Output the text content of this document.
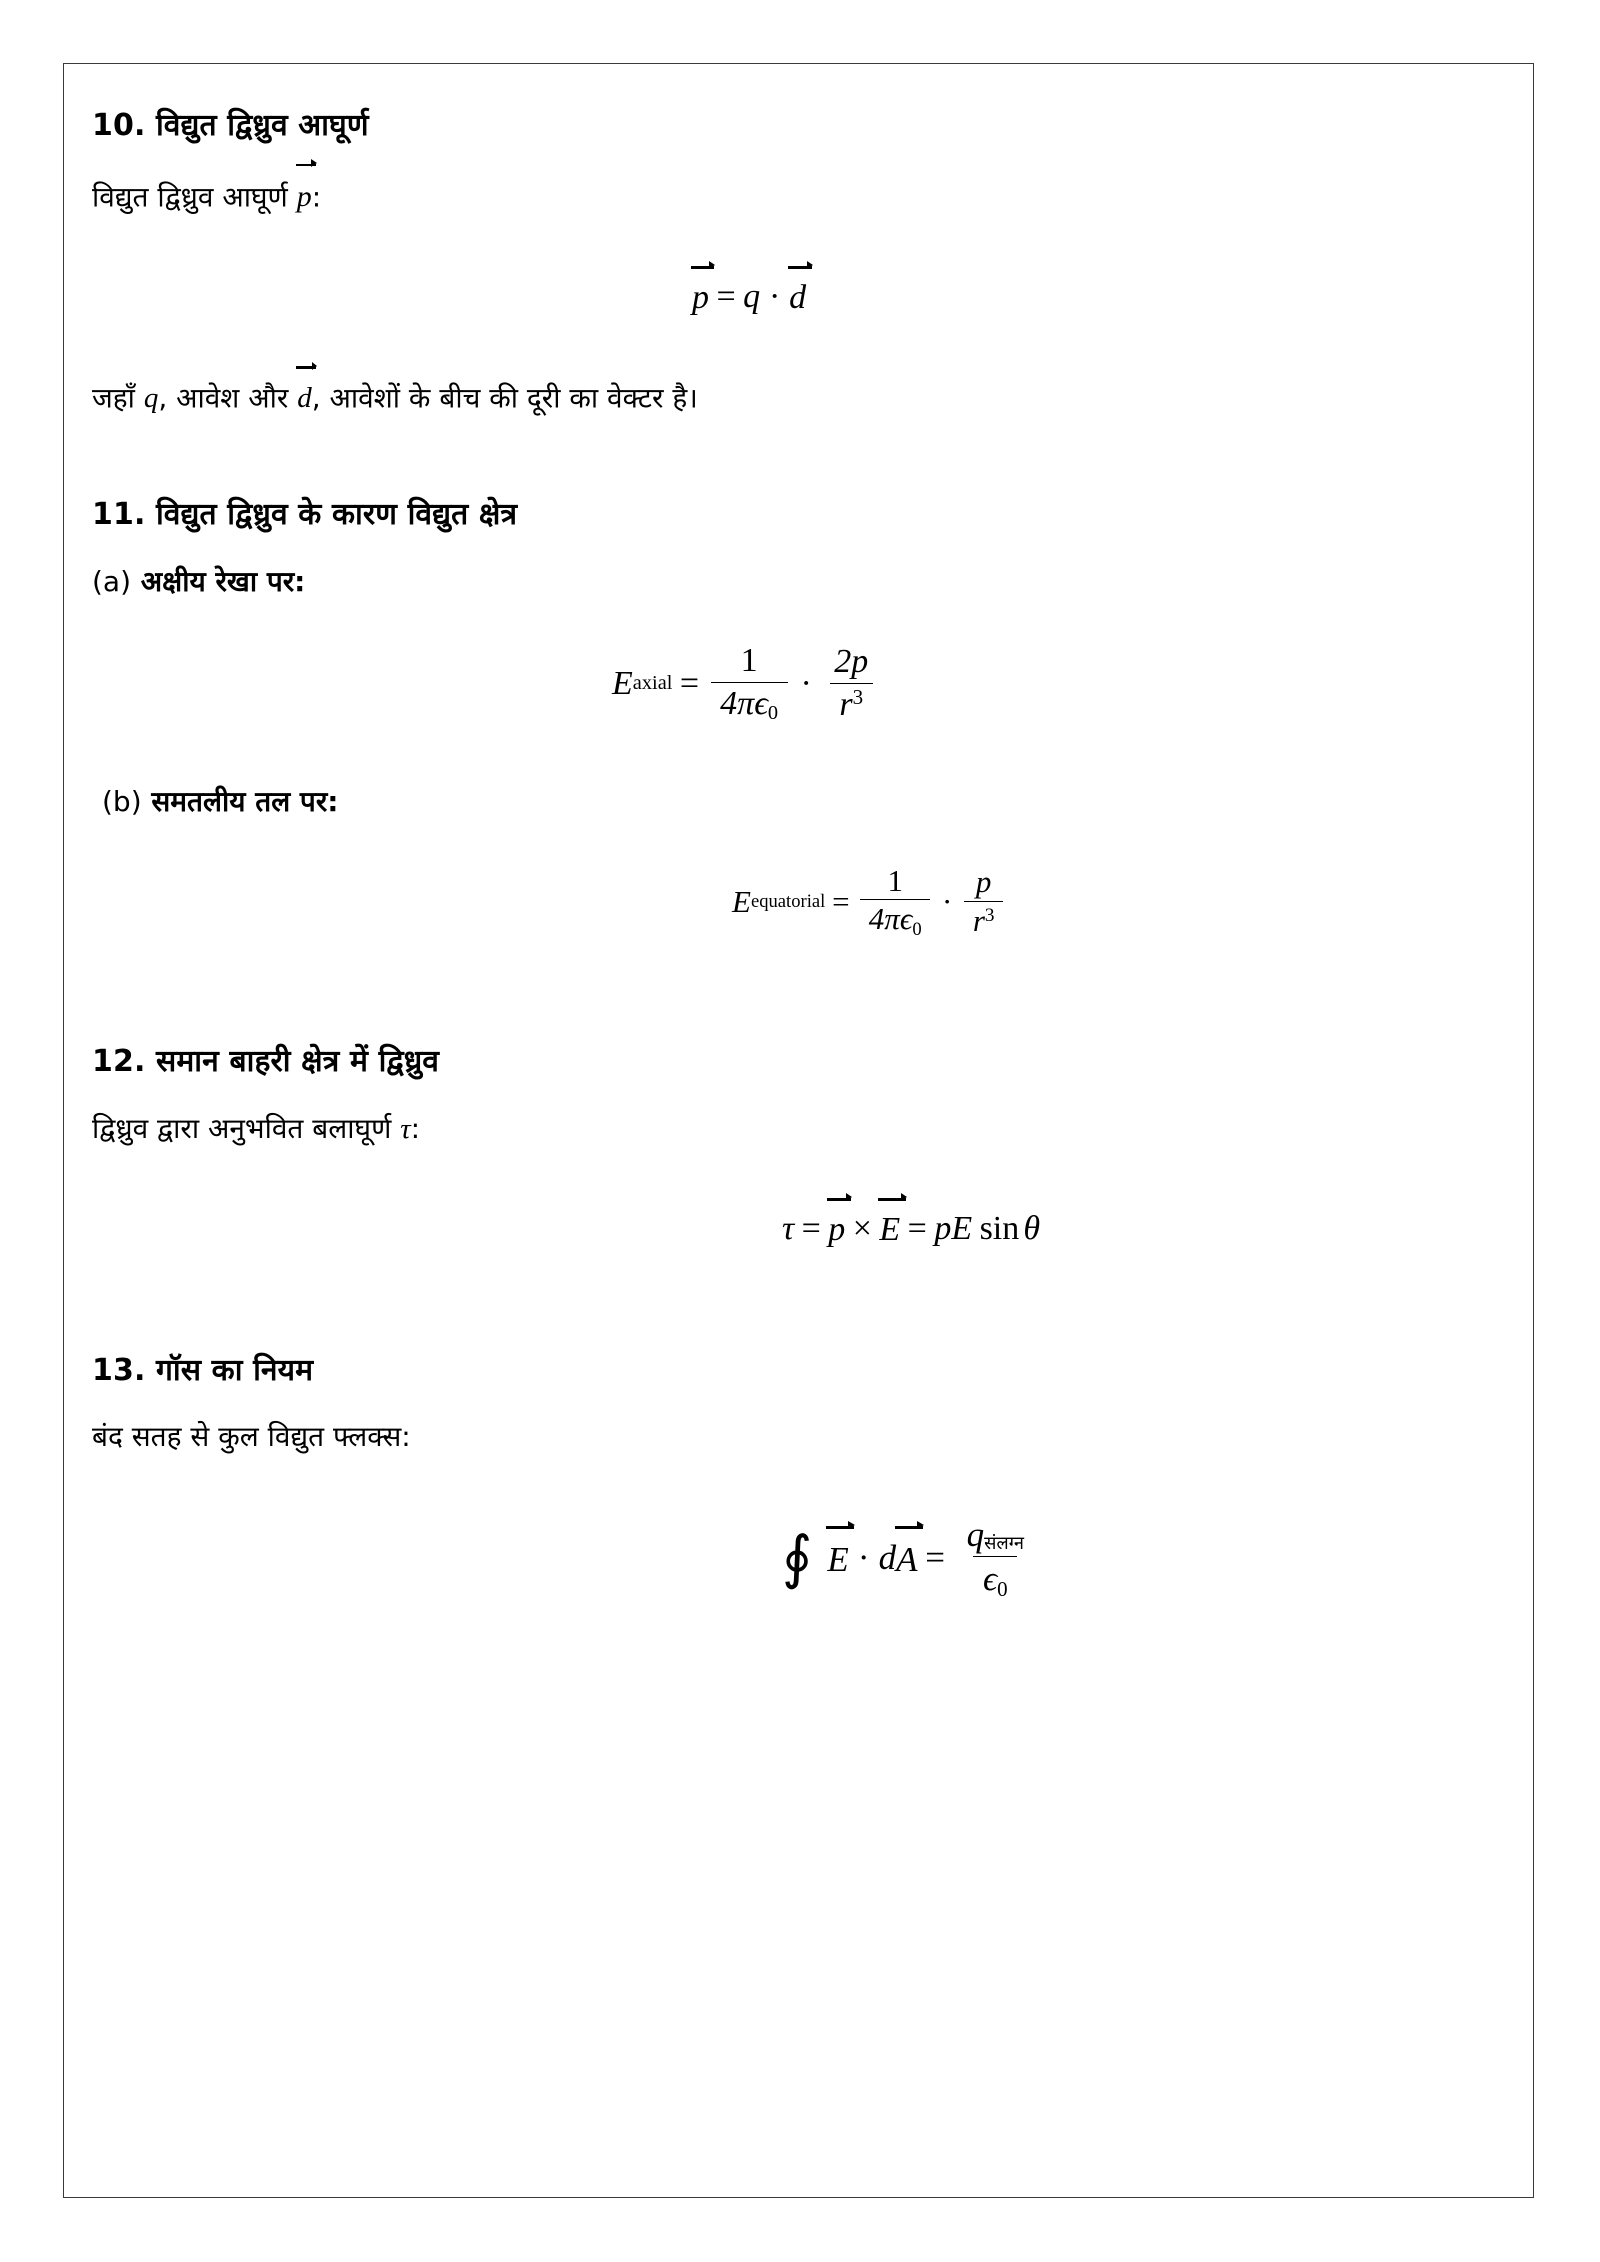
10. विद्युत द्विध्रुव आघूर्ण
विद्युत द्विध्रुव आघूर्ण p :
p = q · d
जहाँ q , आवेश और d , आवेशों के बीच की दूरी का वेक्टर है।
11. विद्युत द्विध्रुव के कारण विद्युत क्षेत्र
(a) अक्षीय रेखा पर:
E axial = $\frac{1}{4\pi\epsilon 0} \cdot \frac{2p}{r3}$
(b) समतलीय तल पर:
E equatorial = $\frac{1}{4\pi\epsilon 0} \cdot \frac{p}{r3}$
12. समान बाहरी क्षेत्र में द्विध्रुव
द्विध्रुव द्वारा अनुभवित बलाघूर्ण τ :
τ = p × E = p E sin θ
13. गॉस का नियम
बंद सतह से कुल विद्युत फ्लक्स:
∮ E · d $A = \frac{\text{qसंलग्न}}{\epsilon 0}$
